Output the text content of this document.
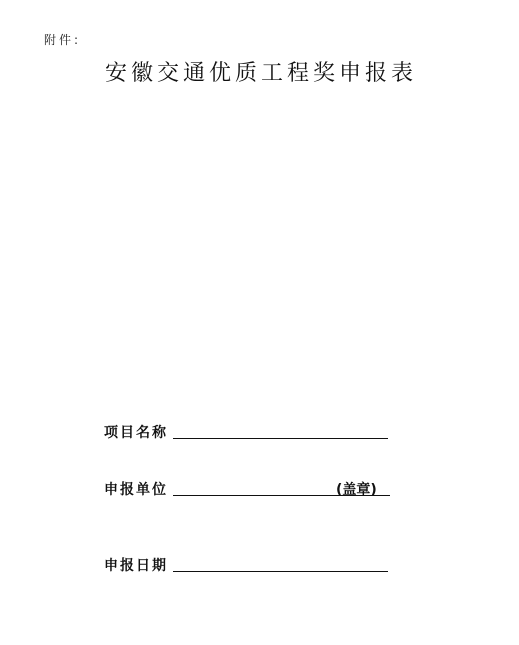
附件:
安徽交通优质工程奖申报表
项目名称
申报单位	(盖章)
申报日期
